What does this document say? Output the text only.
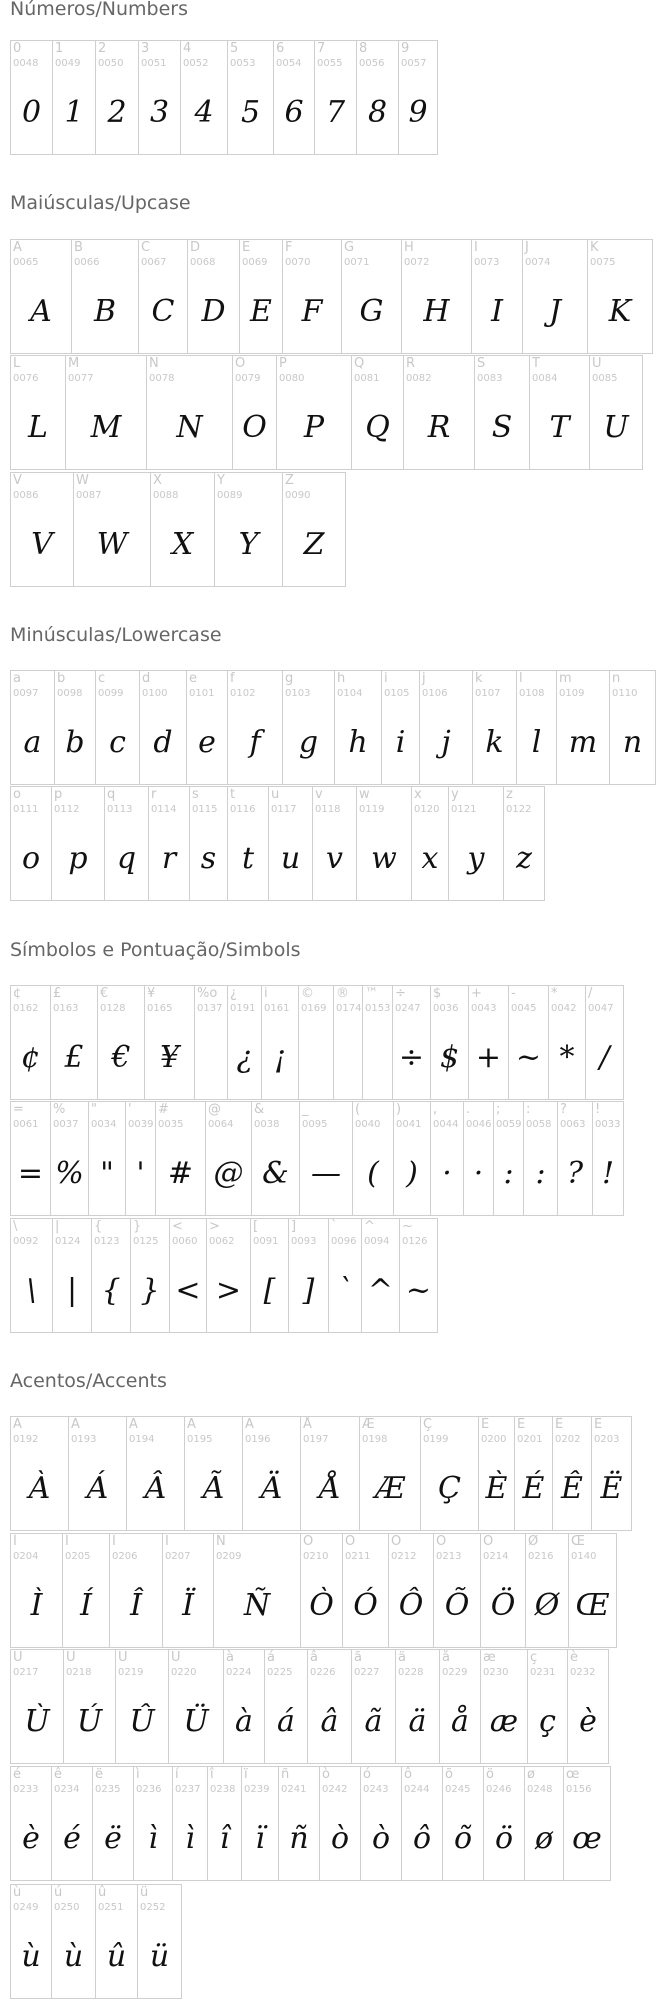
Números/Numbers
0
0048
0
1
0049
1
2
0050
2
3
0051
3
4
0052
4
5
0053
5
6
0054
6
7
0055
7
8
0056
8
9
0057
9
Maiúsculas/Upcase
A
0065
A
B
0066
B
C
0067
C
D
0068
D
E
0069
E
F
0070
F
G
0071
G
H
0072
H
I
0073
I
J
0074
J
K
0075
K
L
0076
L
M
0077
M
N
0078
N
O
0079
O
P
0080
P
Q
0081
Q
R
0082
R
S
0083
S
T
0084
T
U
0085
U
V
0086
V
W
0087
W
X
0088
X
Y
0089
Y
Z
0090
Z
Minúsculas/Lowercase
a
0097
a
b
0098
b
c
0099
c
d
0100
d
e
0101
e
f
0102
f
g
0103
g
h
0104
h
i
0105
i
j
0106
j
k
0107
k
l
0108
l
m
0109
m
n
0110
n
o
0111
o
p
0112
p
q
0113
q
r
0114
r
s
0115
s
t
0116
t
u
0117
u
v
0118
v
w
0119
w
x
0120
x
y
0121
y
z
0122
z
Símbolos e Pontuação/Simbols
¢
0162
¢
£
0163
£
€
0128
€
¥
0165
¥
%o
0137
¿
0191
¿
i
0161
¡
©
0169
®
0174
™
0153
÷
0247
÷
$
0036
$
+
0043
+
-
0045
~
*
0042
*
/
0047
/
=
0061
=
%
0037
%
"
0034
"
'
0039
'
#
0035
#
@
0064
@
&
0038
&
_
0095
—
(
0040
(
)
0041
)
,
0044
·
.
0046
·
;
0059
:
:
0058
:
?
0063
?
!
0033
!
\
0092
\
|
0124
|
{
0123
{
}
0125
}
<
0060
<
>
0062
>
[
0091
[
]
0093
]
`
0096
`
^
0094
^
~
0126
~
Acentos/Accents
À
0192
À
Á
0193
Á
Â
0194
Â
Ã
0195
Ã
Ä
0196
Ä
Å
0197
Å
Æ
0198
Æ
Ç
0199
Ç
È
0200
È
É
0201
É
Ê
0202
Ê
Ë
0203
Ë
Ì
0204
Ì
Í
0205
Í
Î
0206
Î
Ï
0207
Ï
Ñ
0209
Ñ
Ò
0210
Ò
Ó
0211
Ó
Ô
0212
Ô
Õ
0213
Õ
Ö
0214
Ö
Ø
0216
Ø
Œ
0140
Œ
Ù
0217
Ù
Ú
0218
Ú
Û
0219
Û
Ü
0220
Ü
à
0224
à
á
0225
á
â
0226
â
ã
0227
ã
ä
0228
ä
å
0229
å
æ
0230
æ
ç
0231
ç
è
0232
è
é
0233
è
ê
0234
é
ë
0235
ë
ì
0236
ì
í
0237
ì
î
0238
î
ï
0239
ï
ñ
0241
ñ
ò
0242
ò
ó
0243
ò
ô
0244
ô
õ
0245
õ
ö
0246
ö
ø
0248
ø
œ
0156
œ
ù
0249
ù
ú
0250
ù
û
0251
û
ü
0252
ü
